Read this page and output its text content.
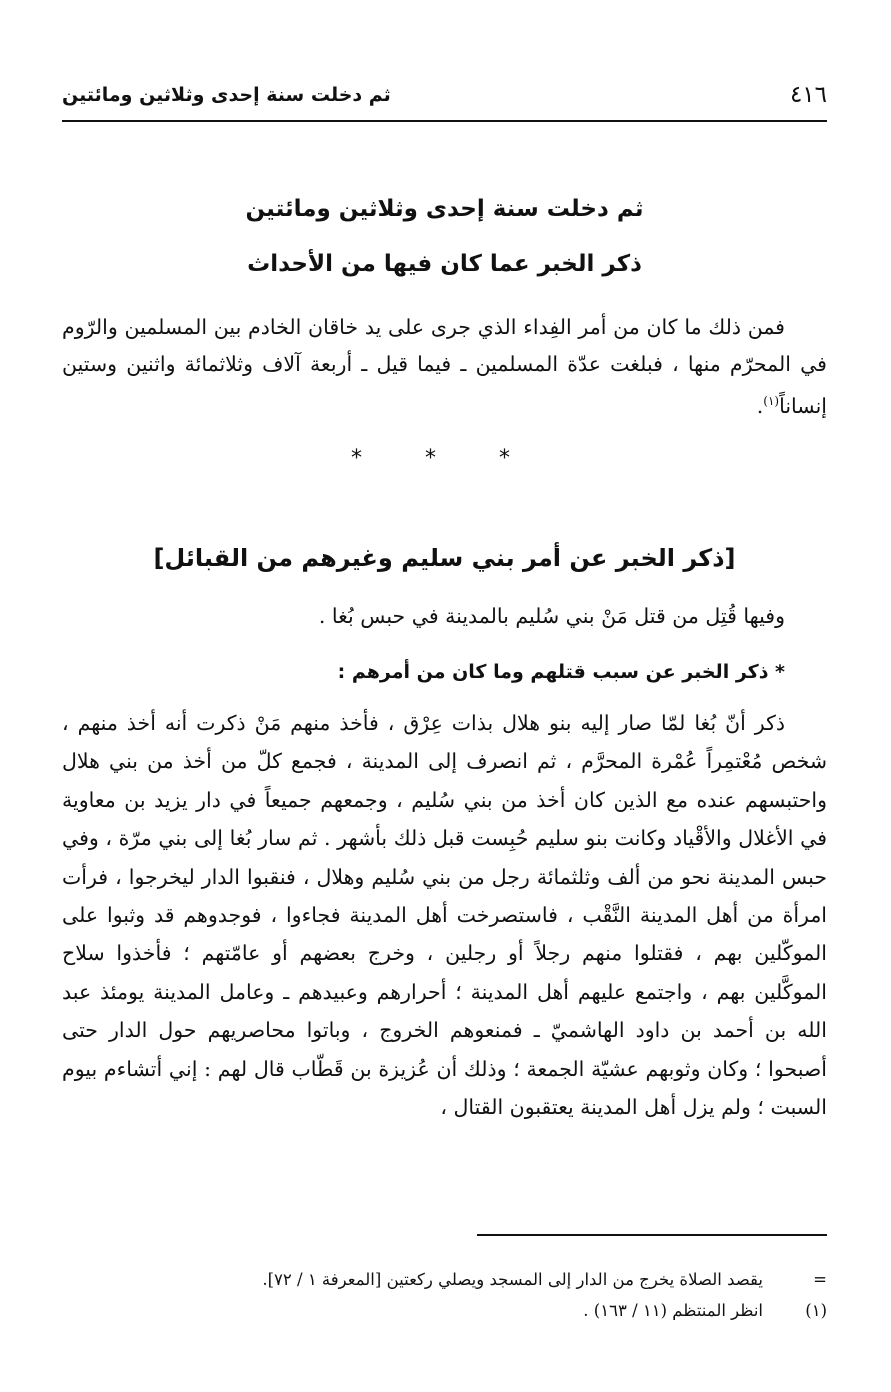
٤١٦
ثم دخلت سنة إحدى وثلاثين ومائتين
ثم دخلت سنة إحدى وثلاثين ومائتين
ذكر الخبر عما كان فيها من الأحداث
فمن ذلك ما كان من أمر الفِداء الذي جرى على يد خاقان الخادم بين المسلمين والرّوم في المحرّم منها ، فبلغت عدّة المسلمين ـ فيما قيل ـ أربعة آلاف وثلاثمائة واثنين وستين إنساناً$^{(١)}$.
* * *
[ذكر الخبر عن أمر بني سليم وغيرهم من القبائل]
وفيها قُتِل من قتل مَنْ بني سُليم بالمدينة في حبس بُغا .
* ذكر الخبر عن سبب قتلهم وما كان من أمرهم :
ذكر أنّ بُغا لمّا صار إليه بنو هلال بذات عِرْق ، فأخذ منهم مَنْ ذكرت أنه أخذ منهم ، شخص مُعْتمِراً عُمْرة المحرَّم ، ثم انصرف إلى المدينة ، فجمع كلّ من أخذ من بني هلال واحتبسهم عنده مع الذين كان أخذ من بني سُليم ، وجمعهم جميعاً في دار يزيد بن معاوية في الأغلال والأقْياد وكانت بنو سليم حُبِست قبل ذلك بأشهر . ثم سار بُغا إلى بني مرّة ، وفي حبس المدينة نحو من ألف وثلثمائة رجل من بني سُليم وهلال ، فنقبوا الدار ليخرجوا ، فرأت امرأة من أهل المدينة النَّقْب ، فاستصرخت أهل المدينة فجاءوا ، فوجدوهم قد وثبوا على الموكّلين بهم ، فقتلوا منهم رجلاً أو رجلين ، وخرج بعضهم أو عامّتهم ؛ فأخذوا سلاح الموكَّلين بهم ، واجتمع عليهم أهل المدينة ؛ أحرارهم وعبيدهم ـ وعامل المدينة يومئذ عبد الله بن أحمد بن داود الهاشميّ ـ فمنعوهم الخروج ، وباتوا محاصريهم حول الدار حتى أصبحوا ؛ وكان وثوبهم عشيّة الجمعة ؛ وذلك أن عُزيزة بن قَطّاب قال لهم : إني أتشاءم بيوم السبت ؛ ولم يزل أهل المدينة يعتقبون القتال ،
=يقصد الصلاة يخرج من الدار إلى المسجد ويصلي ركعتين [المعرفة ١ / ٧٢].
(١)انظر المنتظم (١١ / ١٦٣) .
